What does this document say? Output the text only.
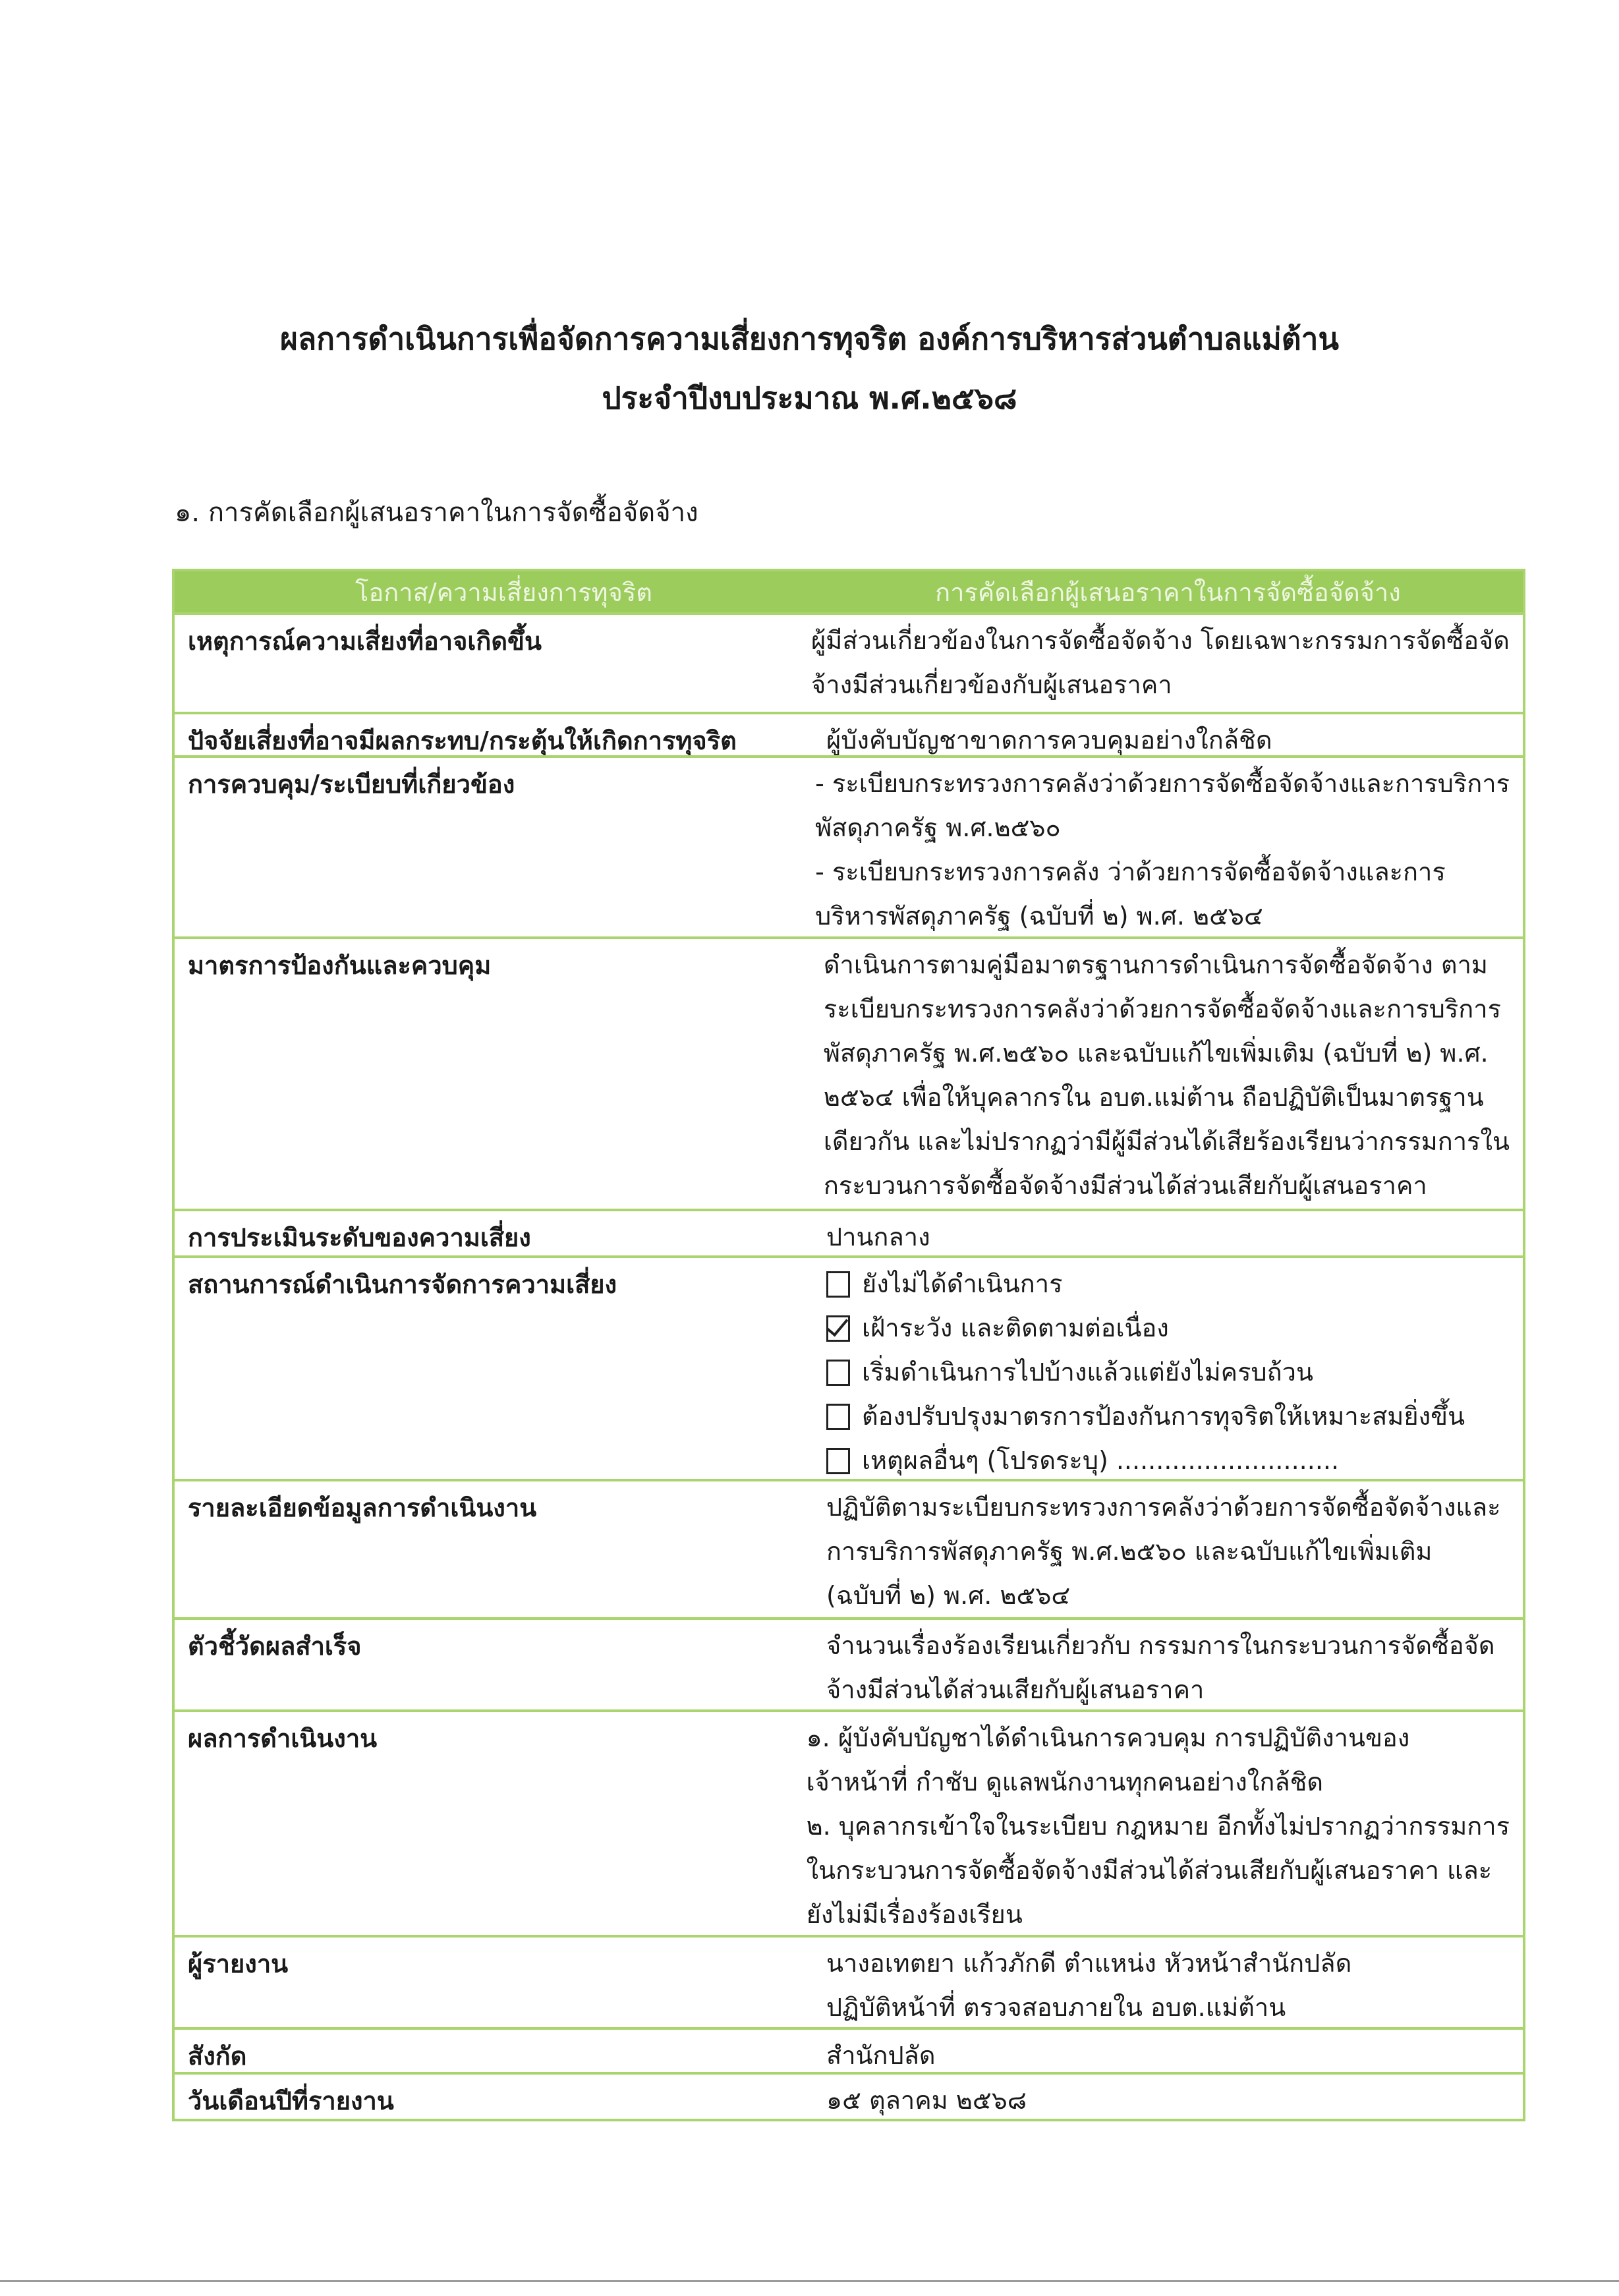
ผลการดำเนินการเพื่อจัดการความเสี่ยงการทุจริต องค์การบริหารส่วนตำบลแม่ต้าน
ประจำปีงบประมาณ พ.ศ.๒๕๖๘
๑. การคัดเลือกผู้เสนอราคาในการจัดซื้อจัดจ้าง
โอกาส/ความเสี่ยงการทุจริต	การคัดเลือกผู้เสนอราคาในการจัดซื้อจัดจ้าง
เหตุการณ์ความเสี่ยงที่อาจเกิดขึ้น	ผู้มีส่วนเกี่ยวข้องในการจัดซื้อจัดจ้าง โดยเฉพาะกรรมการจัดซื้อจัด
จ้างมีส่วนเกี่ยวข้องกับผู้เสนอราคา
ปัจจัยเสี่ยงที่อาจมีผลกระทบ/กระตุ้นให้เกิดการทุจริต	ผู้บังคับบัญชาขาดการควบคุมอย่างใกล้ชิด
การควบคุม/ระเบียบที่เกี่ยวข้อง	- ระเบียบกระทรวงการคลังว่าด้วยการจัดซื้อจัดจ้างและการบริการ
พัสดุภาครัฐ พ.ศ.๒๕๖๐
- ระเบียบกระทรวงการคลัง ว่าด้วยการจัดซื้อจัดจ้างและการ
บริหารพัสดุภาครัฐ (ฉบับที่ ๒) พ.ศ. ๒๕๖๔
มาตรการป้องกันและควบคุม	ดำเนินการตามคู่มือมาตรฐานการดำเนินการจัดซื้อจัดจ้าง ตาม
ระเบียบกระทรวงการคลังว่าด้วยการจัดซื้อจัดจ้างและการบริการ
พัสดุภาครัฐ พ.ศ.๒๕๖๐ และฉบับแก้ไขเพิ่มเติม (ฉบับที่ ๒) พ.ศ.
๒๕๖๔ เพื่อให้บุคลากรใน อบต.แม่ต้าน ถือปฏิบัติเป็นมาตรฐาน
เดียวกัน และไม่ปรากฏว่ามีผู้มีส่วนได้เสียร้องเรียนว่ากรรมการใน
กระบวนการจัดซื้อจัดจ้างมีส่วนได้ส่วนเสียกับผู้เสนอราคา
การประเมินระดับของความเสี่ยง	ปานกลาง
สถานการณ์ดำเนินการจัดการความเสี่ยง	ยังไม่ได้ดำเนินการ
เฝ้าระวัง และติดตามต่อเนื่อง
เริ่มดำเนินการไปบ้างแล้วแต่ยังไม่ครบถ้วน
ต้องปรับปรุงมาตรการป้องกันการทุจริตให้เหมาะสมยิ่งขึ้น
เหตุผลอื่นๆ (โปรดระบุ) ............................
รายละเอียดข้อมูลการดำเนินงาน	ปฏิบัติตามระเบียบกระทรวงการคลังว่าด้วยการจัดซื้อจัดจ้างและ
การบริการพัสดุภาครัฐ พ.ศ.๒๕๖๐ และฉบับแก้ไขเพิ่มเติม
(ฉบับที่ ๒) พ.ศ. ๒๕๖๔
ตัวชี้วัดผลสำเร็จ	จำนวนเรื่องร้องเรียนเกี่ยวกับ กรรมการในกระบวนการจัดซื้อจัด
จ้างมีส่วนได้ส่วนเสียกับผู้เสนอราคา
ผลการดำเนินงาน	๑. ผู้บังคับบัญชาได้ดำเนินการควบคุม การปฏิบัติงานของ
เจ้าหน้าที่ กำชับ ดูแลพนักงานทุกคนอย่างใกล้ชิด
๒. บุคลากรเข้าใจในระเบียบ กฎหมาย อีกทั้งไม่ปรากฏว่ากรรมการ
ในกระบวนการจัดซื้อจัดจ้างมีส่วนได้ส่วนเสียกับผู้เสนอราคา และ
ยังไม่มีเรื่องร้องเรียน
ผู้รายงาน	นางอเทตยา แก้วภักดี ตำแหน่ง หัวหน้าสำนักปลัด
ปฏิบัติหน้าที่ ตรวจสอบภายใน อบต.แม่ต้าน
สังกัด	สำนักปลัด
วันเดือนปีที่รายงาน	๑๕ ตุลาคม ๒๕๖๘
